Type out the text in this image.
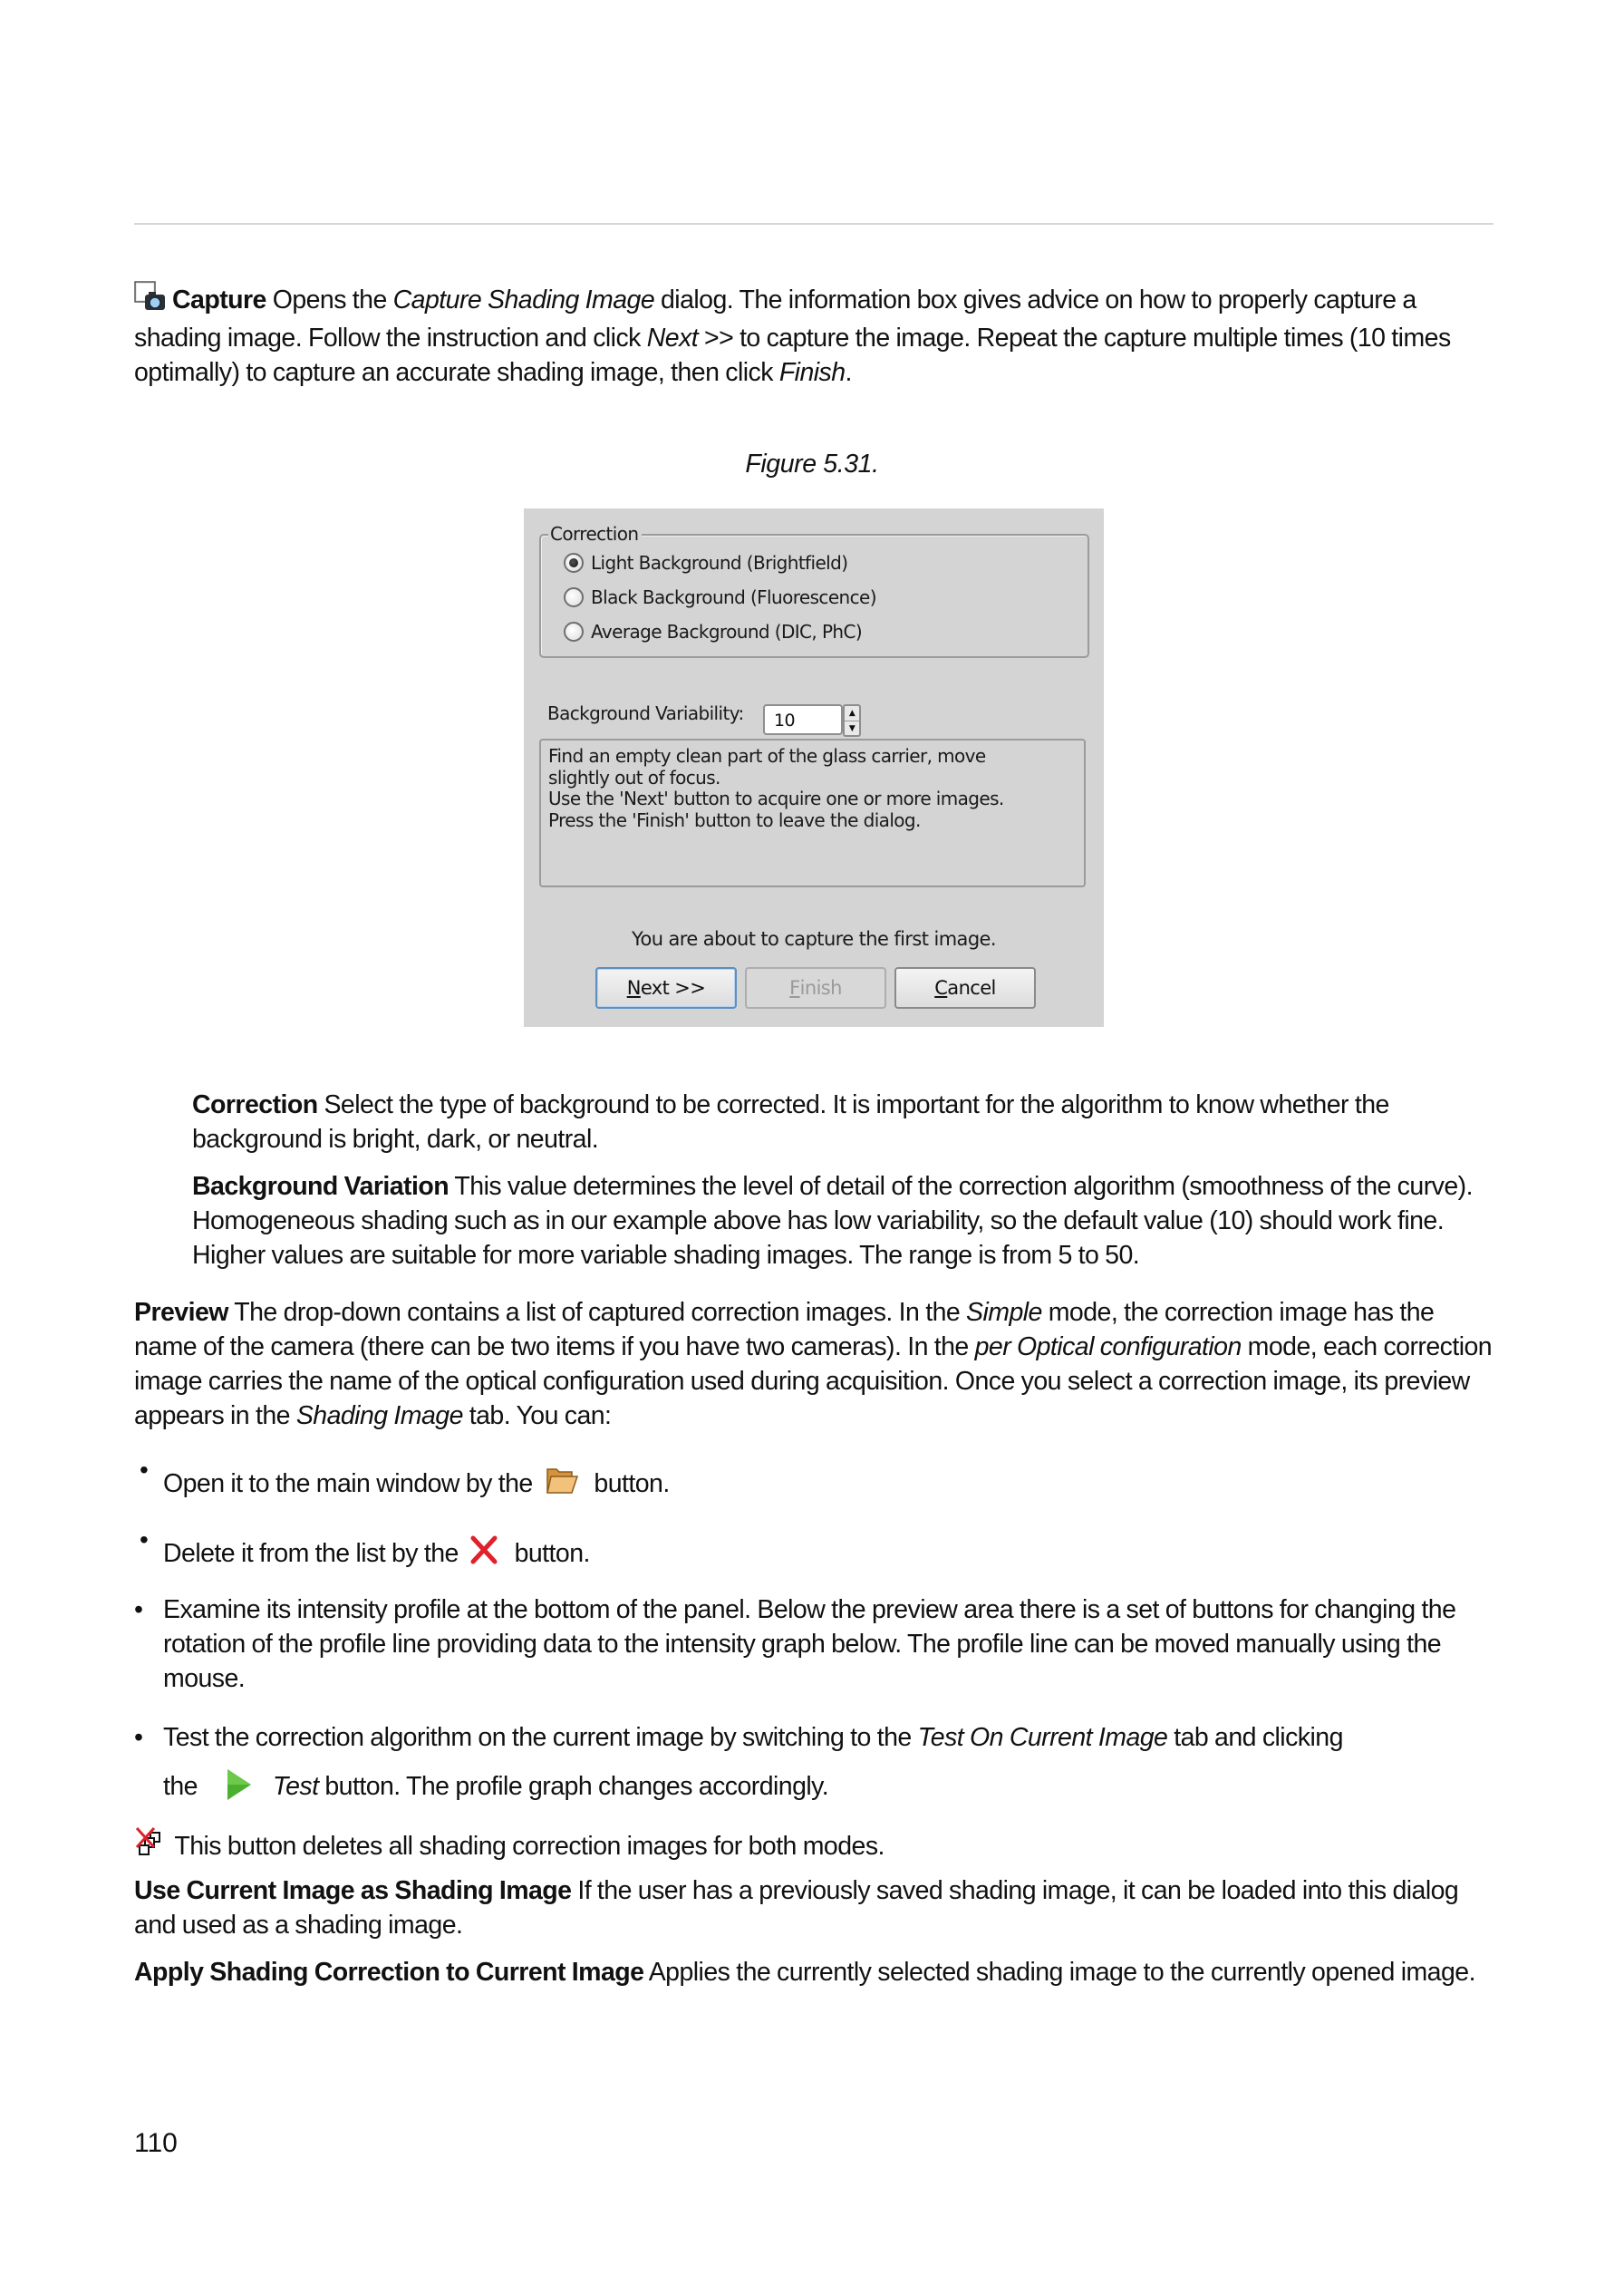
Capture Opens the Capture Shading Image dialog. The information box gives advice on how to properly capture a shading image. Follow the instruction and click Next >> to capture the image. Repeat the capture multiple times (10 times optimally) to capture an accurate shading image, then click Finish.
Figure 5.31.
Correction
Light Background (Brightfield)
Black Background (Fluorescence)
Average Background (DIC, PhC)
Background Variability:	10	▲
▼
Find an empty clean part of the glass carrier, move
slightly out of focus.
Use the 'Next' button to acquire one or more images.
Press the 'Finish' button to leave the dialog.
You are about to capture the first image.
N ext >>	F inish	C ancel
Correction Select the type of background to be corrected. It is important for the algorithm to know whether the background is bright, dark, or neutral.
Background Variation This value determines the level of detail of the correction algorithm (smoothness of the curve). Homogeneous shading such as in our example above has low variability, so the default value (10) should work fine. Higher values are suitable for more variable shading images. The range is from 5 to 50.
Preview The drop-down contains a list of captured correction images. In the Simple mode, the correction image has the name of the camera (there can be two items if you have two cameras). In the per Optical configuration mode, each correction image carries the name of the optical configuration used during acquisition. Once you select a correction image, its preview appears in the Shading Image tab. You can:
• Open it to the main window by the  button.
• Delete it from the list by the  button.
• Examine its intensity profile at the bottom of the panel. Below the preview area there is a set of buttons for changing the rotation of the profile line providing data to the intensity graph below. The profile line can be moved manually using the mouse.
• Test the correction algorithm on the current image by switching to the Test On Current Image tab and clicking
the	Test button. The profile graph changes accordingly.
This button deletes all shading correction images for both modes.
Use Current Image as Shading Image If the user has a previously saved shading image, it can be loaded into this dialog and used as a shading image.
Apply Shading Correction to Current Image Applies the currently selected shading image to the currently opened image.
110
